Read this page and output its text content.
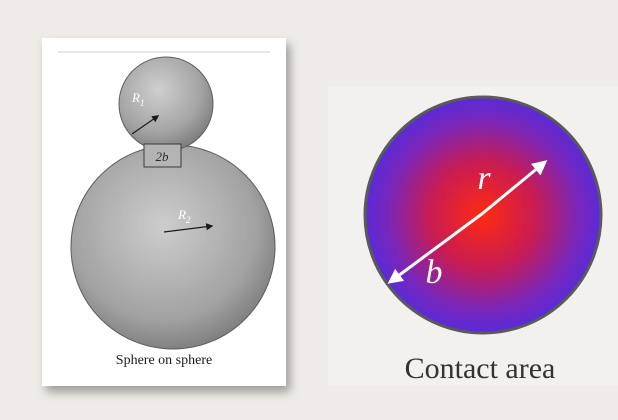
2b
$R_1$
$R_2$
Sphere on sphere
r
b
Contact area
